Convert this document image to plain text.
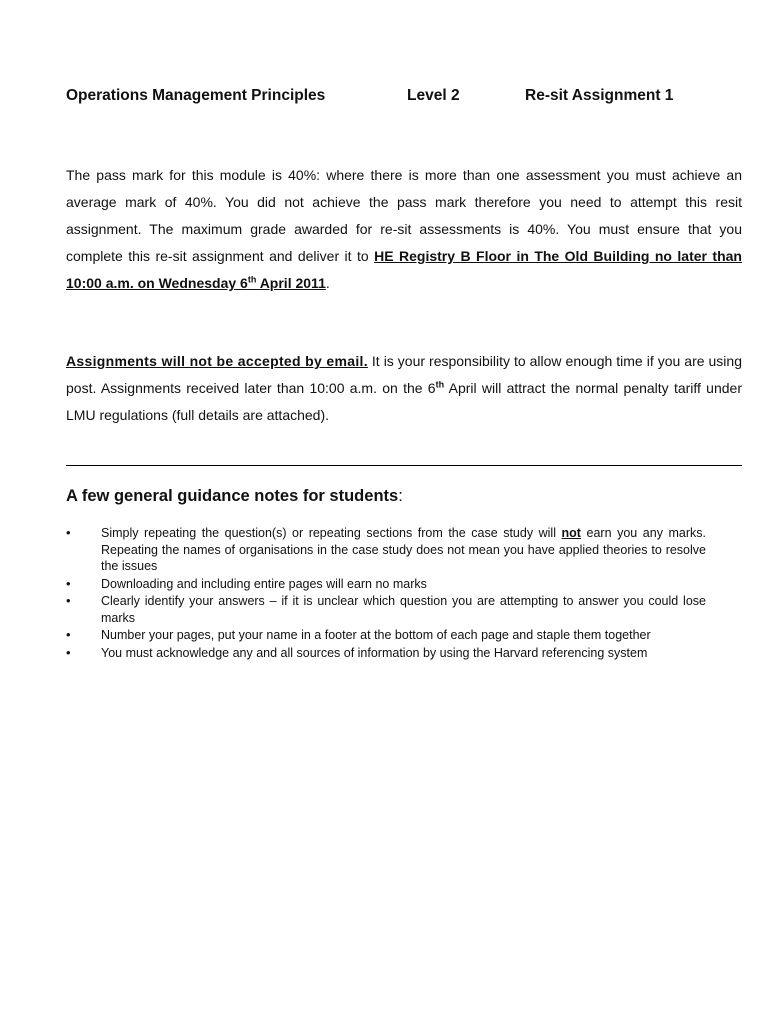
Operations Management Principles	Level 2	Re-sit Assignment 1

The pass mark for this module is 40%: where there is more than one assessment you must achieve an average mark of 40%. You did not achieve the pass mark therefore you need to attempt this resit assignment. The maximum grade awarded for re-sit assessments is 40%. You must ensure that you complete this re-sit assignment and deliver it to HE Registry B Floor in The Old Building no later than 10:00 a.m. on Wednesday 6th April 2011.

Assignments will not be accepted by email. It is your responsibility to allow enough time if you are using post. Assignments received later than 10:00 a.m. on the 6th April will attract the normal penalty tariff under LMU regulations (full details are attached).

A few general guidance notes for students:
•	Simply repeating the question(s) or repeating sections from the case study will not earn you any marks. Repeating the names of organisations in the case study does not mean you have applied theories to resolve the issues
•	Downloading and including entire pages will earn no marks
•	Clearly identify your answers – if it is unclear which question you are attempting to answer you could lose marks
•	Number your pages, put your name in a footer at the bottom of each page and staple them together
•	You must acknowledge any and all sources of information by using the Harvard referencing system
